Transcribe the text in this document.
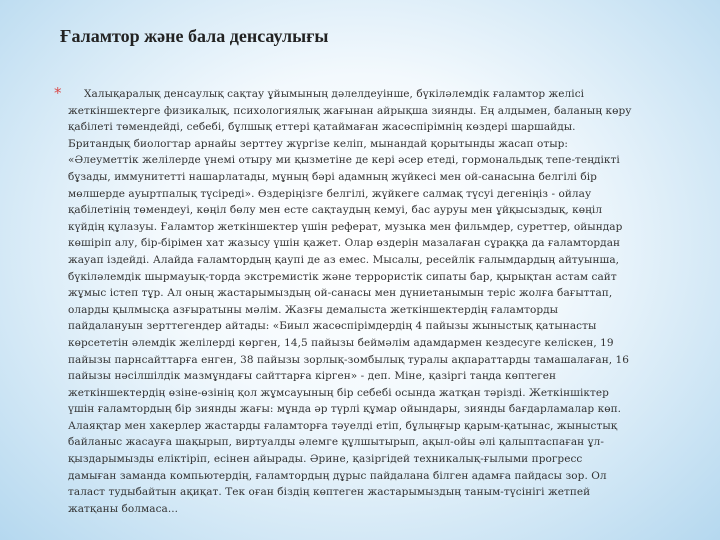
Ғаламтор және бала денсаулығы
*	Халықаралық денсаулық сақтау ұйымының дәлелдеуінше, бүкіләлемдік ғаламтор желісі
жеткіншектерге физикалық, психологиялық жағынан айрықша зиянды. Ең алдымен, баланың көру
қабілеті төмендейді, себебі, бұлшық еттері қатаймаған жасөспірімнің көздері шаршайды.
Британдық биологтар арнайы зерттеу жүргізе келіп, мынандай қорытынды жасап отыр:
«Әлеуметтік желілерде үнемі отыру ми қызметіне де кері әсер етеді, гормональдық тепе-теңдікті
бұзады, иммунитетті нашарлатады, мұның бәрі адамның жүйкесі мен ой-санасына белгілі бір
мөлшерде ауыртпалық түсіреді». Өздеріңізге белгілі, жүйкеге салмақ түсуі дегеніңіз - ойлау
қабілетінің төмендеуі, көңіл бөлу мен есте сақтаудың кемуі, бас ауруы мен ұйқысыздық, көңіл
күйдің құлазуы. Ғаламтор жеткіншектер үшін реферат, музыка мен фильмдер, суреттер, ойындар
көшіріп алу, бір-бірімен хат жазысу үшін қажет. Олар өздерін мазалаған сұраққа да ғаламтордан
жауап іздейді. Алайда ғаламтордың қаупі де аз емес. Мысалы, ресейлік ғалымдардың айтуынша,
бүкіләлемдік шырмауық-торда экстремистік және террористік сипаты бар, қырықтан астам сайт
жұмыс істеп тұр. Ал оның жастарымыздың ой-санасы мен дүниетанымын теріс жолға бағыттап,
оларды қылмысқа азғыратыны мәлім. Жазғы демалыста жеткіншектердің ғаламторды
пайдалануын зерттегендер айтады: «Биыл жасөспірімдердің 4 пайызы жыныстық қатынасты
көрсететін әлемдік желілерді көрген, 14,5 пайызы беймәлім адамдармен кездесуге келіскен, 19
пайызы парнсайттарға енген, 38 пайызы зорлық-зомбылық туралы ақпараттарды тамашалаған, 16
пайызы нәсілшілдік мазмұндағы сайттарға кірген» - деп. Міне, қазіргі таңда көптеген
жеткіншектердің өзіне-өзінің қол жұмсауының бір себебі осында жатқан тәрізді. Жеткіншіктер
үшін ғаламтордың бір зиянды жағы: мұнда әр түрлі құмар ойындары, зиянды бағдарламалар көп.
Алаяқтар мен хакерлер жастарды ғаламторға тәуелді етіп, бұлыңғыр қарым-қатынас, жыныстық
байланыс жасауға шақырып, виртуалды әлемге құлшытырып, ақыл-ойы әлі қалыптаспаған ұл-
қыздарымызды еліктіріп, есінен айырады. Әрине, қазіргідей техникалық-ғылыми прогресс
дамыған заманда компьютердің, ғаламтордың дұрыс пайдалана білген адамға пайдасы зор. Ол
таласт тудыбайтын ақиқат. Тек оған біздің көптеген жастарымыздың таным-түсінігі жетпей
жатқаны болмаса...
